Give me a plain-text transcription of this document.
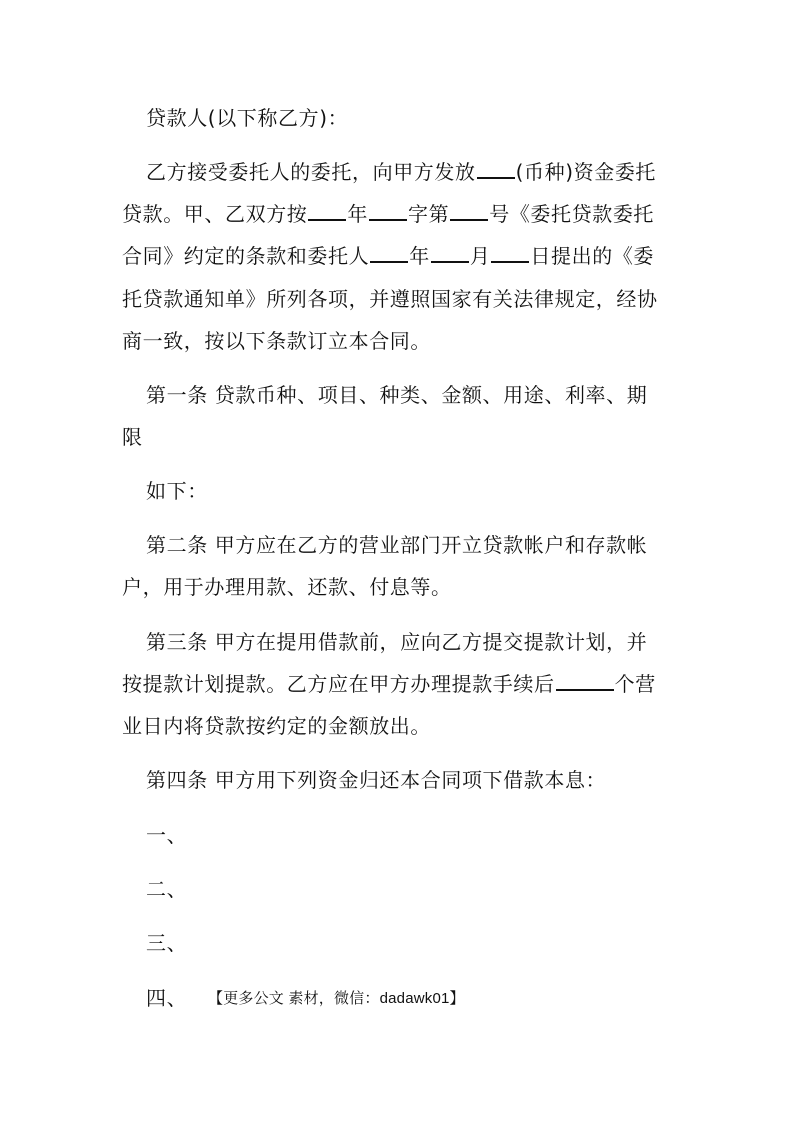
贷款人(以下称乙方)：
乙方接受委托人的委托，向甲方发放 (币种)资金委托
贷款。甲、乙双方按 年 字第 号《委托贷款委托
合同》约定的条款和委托人 年 月 日提出的《委
托贷款通知单》所列各项，并遵照国家有关法律规定，经协
商一致，按以下条款订立本合同。
第一条 贷款币种、项目、种类、金额、用途、利率、期
限
如下：
第二条 甲方应在乙方的营业部门开立贷款帐户和存款帐
户，用于办理用款、还款、付息等。
第三条 甲方在提用借款前，应向乙方提交提款计划，并
按提款计划提款。乙方应在甲方办理提款手续后	个营
业日内将贷款按约定的金额放出。
第四条 甲方用下列资金归还本合同项下借款本息：
一、
二、
三、
四、	【更多公文 素材，微信：dadawk01】
